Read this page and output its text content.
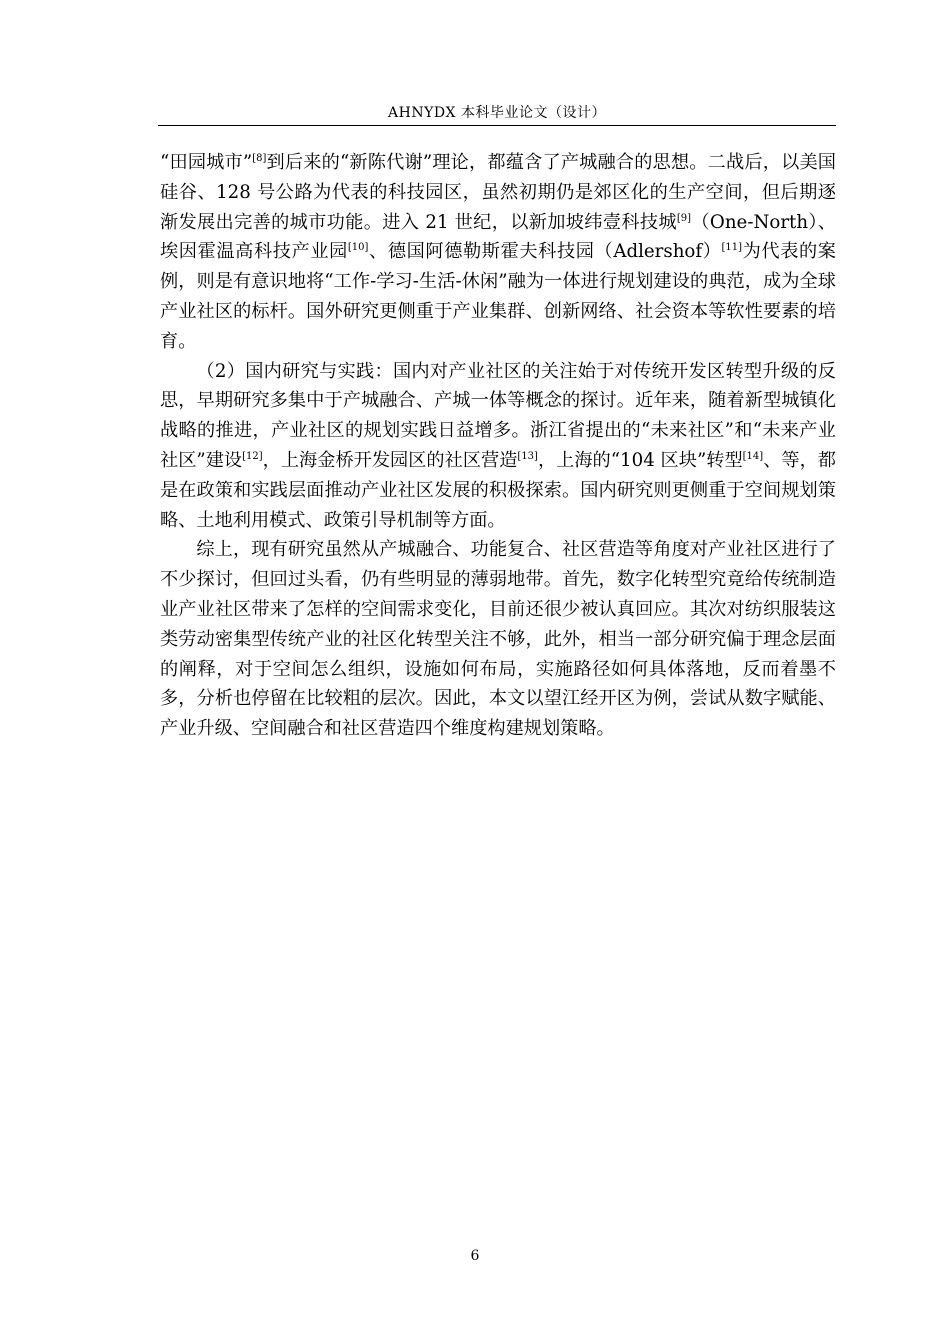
AHNYDX 本科毕业论文（设计）

“田园城市”[8]到后来的“新陈代谢”理论，都蕴含了产城融合的思想。二战后，以美国硅谷、128 号公路为代表的科技园区，虽然初期仍是郊区化的生产空间，但后期逐渐发展出完善的城市功能。进入 21 世纪，以新加坡纬壹科技城[9]（One-North）、埃因霍温高科技产业园[10]、德国阿德勒斯霍夫科技园（Adlershof）[11]为代表的案例，则是有意识地将“工作-学习-生活-休闲”融为一体进行规划建设的典范，成为全球产业社区的标杆。国外研究更侧重于产业集群、创新网络、社会资本等软性要素的培育。

（2）国内研究与实践：国内对产业社区的关注始于对传统开发区转型升级的反思，早期研究多集中于产城融合、产城一体等概念的探讨。近年来，随着新型城镇化战略的推进，产业社区的规划实践日益增多。浙江省提出的“未来社区”和“未来产业社区”建设[12]，上海金桥开发园区的社区营造[13]，上海的“104 区块”转型[14]、等，都是在政策和实践层面推动产业社区发展的积极探索。国内研究则更侧重于空间规划策略、土地利用模式、政策引导机制等方面。

综上，现有研究虽然从产城融合、功能复合、社区营造等角度对产业社区进行了不少探讨，但回过头看，仍有些明显的薄弱地带。首先，数字化转型究竟给传统制造业产业社区带来了怎样的空间需求变化，目前还很少被认真回应。其次对纺织服装这类劳动密集型传统产业的社区化转型关注不够，此外，相当一部分研究偏于理念层面的阐释，对于空间怎么组织，设施如何布局，实施路径如何具体落地，反而着墨不多，分析也停留在比较粗的层次。因此，本文以望江经开区为例，尝试从数字赋能、产业升级、空间融合和社区营造四个维度构建规划策略。

6
